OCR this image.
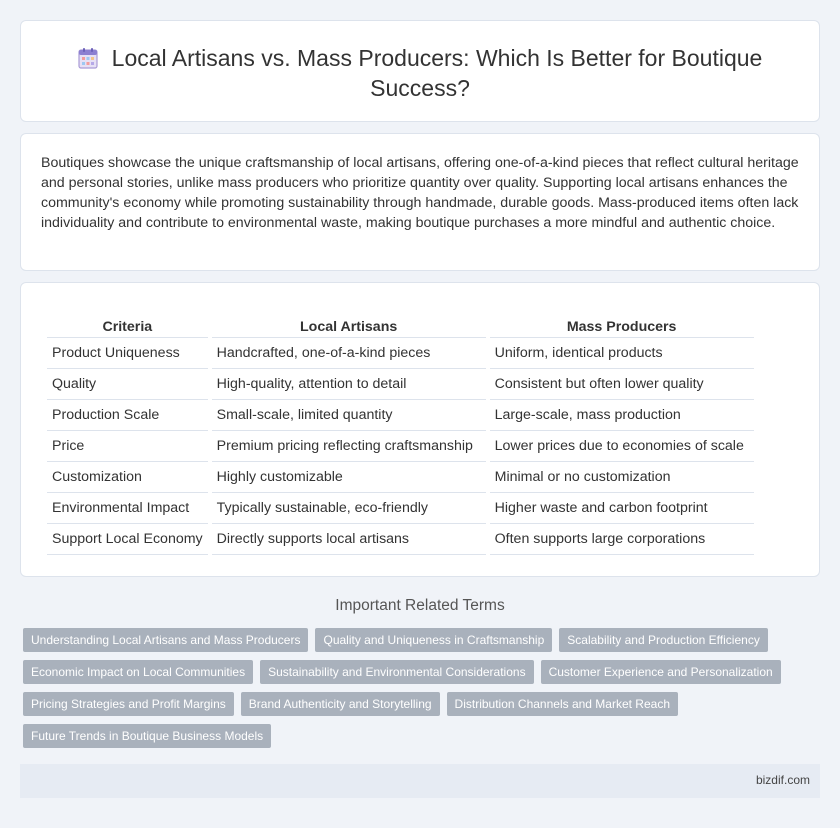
Local Artisans vs. Mass Producers: Which Is Better for Boutique Success?

Boutiques showcase the unique craftsmanship of local artisans, offering one-of-a-kind pieces that reflect cultural heritage and personal stories, unlike mass producers who prioritize quantity over quality. Supporting local artisans enhances the community's economy while promoting sustainability through handmade, durable goods. Mass-produced items often lack individuality and contribute to environmental waste, making boutique purchases a more mindful and authentic choice.

Criteria	Local Artisans	Mass Producers
Product Uniqueness	Handcrafted, one-of-a-kind pieces	Uniform, identical products
Quality	High-quality, attention to detail	Consistent but often lower quality
Production Scale	Small-scale, limited quantity	Large-scale, mass production
Price	Premium pricing reflecting craftsmanship	Lower prices due to economies of scale
Customization	Highly customizable	Minimal or no customization
Environmental Impact	Typically sustainable, eco-friendly	Higher waste and carbon footprint
Support Local Economy	Directly supports local artisans	Often supports large corporations
Important Related Terms
Understanding Local Artisans and Mass Producers	Quality and Uniqueness in Craftsmanship	Scalability and Production Efficiency
Economic Impact on Local Communities	Sustainability and Environmental Considerations	Customer Experience and Personalization
Pricing Strategies and Profit Margins	Brand Authenticity and Storytelling	Distribution Channels and Market Reach
Future Trends in Boutique Business Models
bizdif.com
